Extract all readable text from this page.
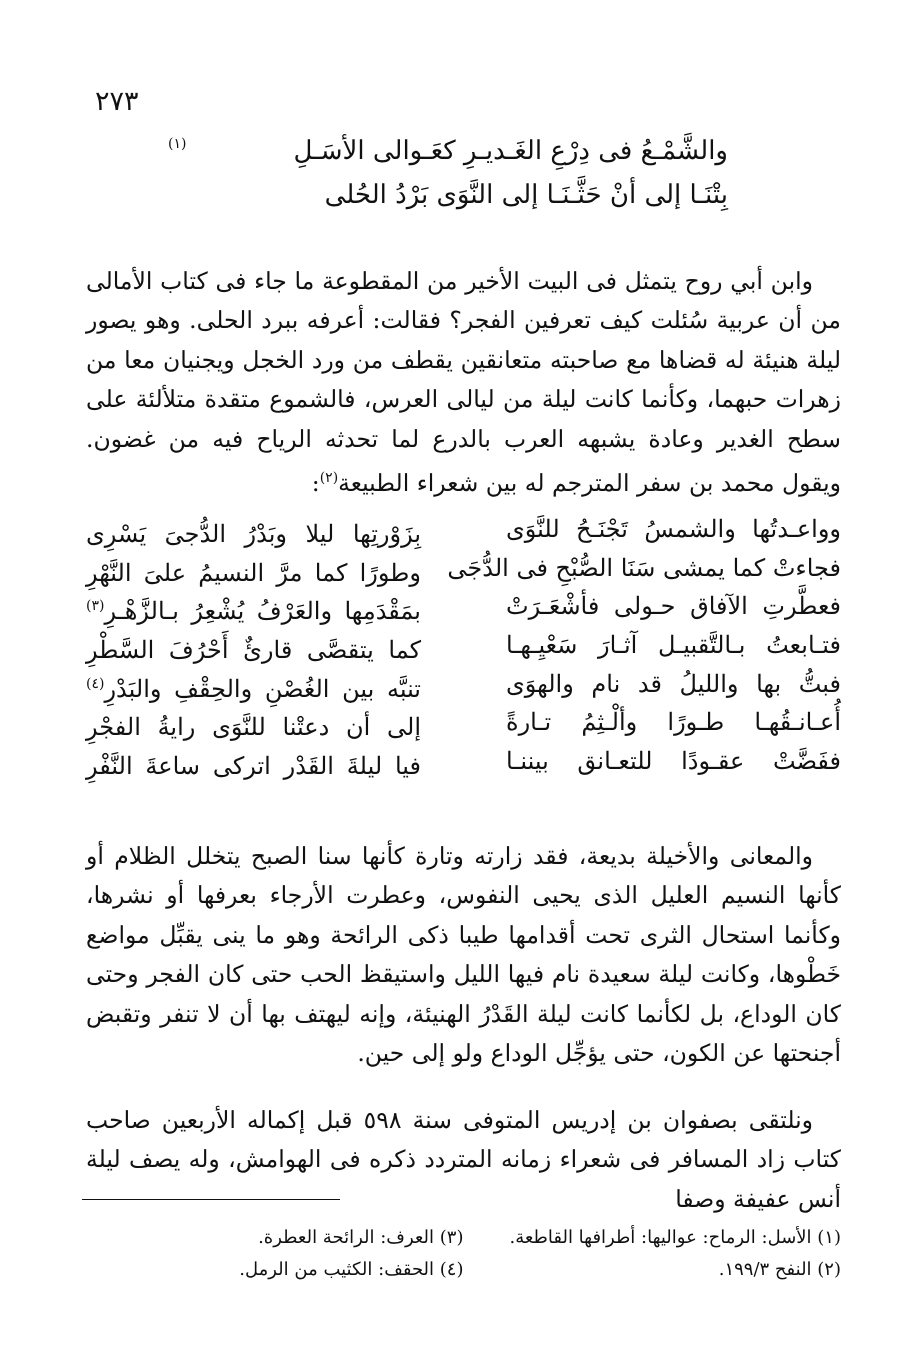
٢٧٣
والشَّمْـعُ فى دِرْعِ الغَـديـرِ كعَـوالى الأسَـلِ
(١)
بِتْنَـا إلى أنْ حَثَّـنَـا إلى النَّوَى بَرْدُ الحُلى

وابن أبي روح يتمثل فى البيت الأخير من المقطوعة ما جاء فى كتاب الأمالى من أن عربية سُئلت كيف تعرفين الفجر؟ فقالت: أعرفه ببرد الحلى. وهو يصور ليلة هنيئة له قضاها مع صاحبته متعانقين يقطف من ورد الخجل ويجنيان معا من زهرات حبهما، وكأنما كانت ليلة من ليالى العرس، فالشموع متقدة متلألئة على سطح الغدير وعادة يشبهه العرب بالدرع لما تحدثه الرياح فيه من غضون. ويقول محمد بن سفر المترجم له بين شعراء الطبيعة$^{(٢)}$:

وواعـدتُها والشمسُ تَجْنَـحُ للنَّوَى
بِزَوْرتِها ليلا وبَدْرُ الدُّجىَ يَسْرِى
فجاءتْ كما يمشى سَنَا الصُّبْحِ فى الدُّجَى
وطورًا كما مرَّ النسيمُ علىَ النَّهْرِ
فعطَّرتِ الآفاق حـولى فأشْعَـرَتْ
بمَقْدَمِها والعَرْفُ يُشْعِرُ بـالزَّهْـرِ$^{(٣)}$
فتـابعتُ بـالتَّقبيـل آثـارَ سَعْيِـهـا
كما يتقصَّى قارئٌ أَحْرُفَ السَّطْرِ
فبتُّ بها والليلُ قد نام والهوَى
تنبَّه بين الغُصْنِ والحِقْفِ والبَدْرِ$^{(٤)}$
أُعـانـقُهـا طـورًا وألْـثِمُ تـارةً
إلى أن دعتْنا للنَّوَى رايةُ الفجْرِ
ففَضَّتْ عقـودًا للتعـانق بيننـا
فيا ليلةَ القَدْر اتركى ساعةَ النَّفْرِ

والمعانى والأخيلة بديعة، فقد زارته وتارة كأنها سنا الصبح يتخلل الظلام أو كأنها النسيم العليل الذى يحيى النفوس، وعطرت الأرجاء بعرفها أو نشرها، وكأنما استحال الثرى تحت أقدامها طيبا ذكى الرائحة وهو ما ينى يقبِّل مواضع خَطْوها، وكانت ليلة سعيدة نام فيها الليل واستيقظ الحب حتى كان الفجر وحتى كان الوداع، بل لكأنما كانت ليلة القَدْرُ الهنيئة، وإنه ليهتف بها أن لا تنفر وتقبض أجنحتها عن الكون، حتى يؤجِّل الوداع ولو إلى حين.

ونلتقى بصفوان بن إدريس المتوفى سنة ٥٩٨ قبل إكماله الأربعين صاحب كتاب زاد المسافر فى شعراء زمانه المتردد ذكره فى الهوامش، وله يصف ليلة أنس عفيفة وصفا

(١) الأسل: الرماح: عواليها: أطرافها القاطعة.
(٣) العرف: الرائحة العطرة.
(٢) النفح ١٩٩/٣.
(٤) الحقف: الكثيب من الرمل.
